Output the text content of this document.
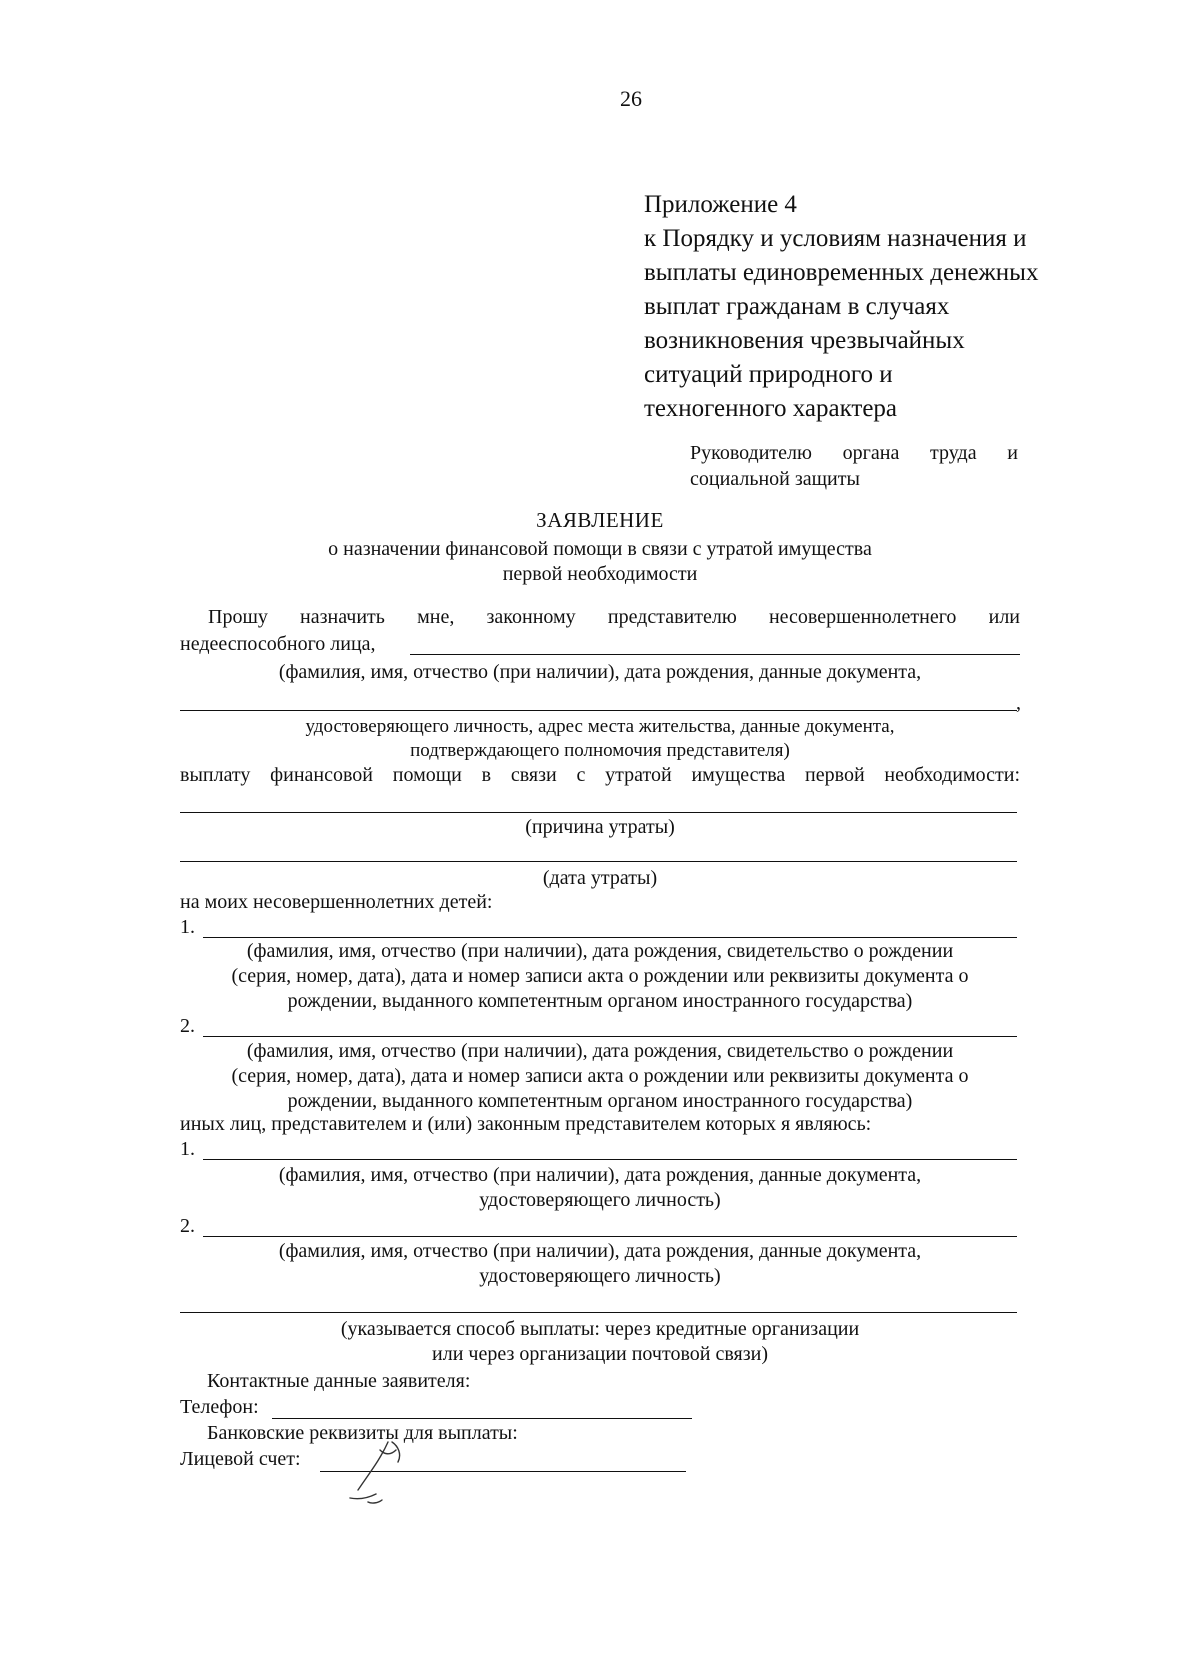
26
Приложение 4
к Порядку и условиям назначения и
выплаты единовременных денежных
выплат гражданам в случаях
возникновения чрезвычайных
ситуаций природного и
техногенного характера
Руководителю органа труда и
социальной защиты
ЗАЯВЛЕНИЕ
о назначении финансовой помощи в связи с утратой имущества
первой необходимости
Прошу назначить мне, законному представителю несовершеннолетнего или
недееспособного лица,
(фамилия, имя, отчество (при наличии), дата рождения, данные документа,
,
удостоверяющего личность, адрес места жительства, данные документа,
подтверждающего полномочия представителя)
выплату финансовой помощи в связи с утратой имущества первой необходимости:
(причина утраты)
(дата утраты)
на моих несовершеннолетних детей:
1.
(фамилия, имя, отчество (при наличии), дата рождения, свидетельство о рождении
(серия, номер, дата), дата и номер записи акта о рождении или реквизиты документа о
рождении, выданного компетентным органом иностранного государства)
2.
(фамилия, имя, отчество (при наличии), дата рождения, свидетельство о рождении
(серия, номер, дата), дата и номер записи акта о рождении или реквизиты документа о
рождении, выданного компетентным органом иностранного государства)
иных лиц, представителем и (или) законным представителем которых я являюсь:
1.
(фамилия, имя, отчество (при наличии), дата рождения, данные документа,
удостоверяющего личность)
2.
(фамилия, имя, отчество (при наличии), дата рождения, данные документа,
удостоверяющего личность)
(указывается способ выплаты: через кредитные организации
или через организации почтовой связи)
Контактные данные заявителя:
Телефон:
Банковские реквизиты для выплаты:
Лицевой счет:
